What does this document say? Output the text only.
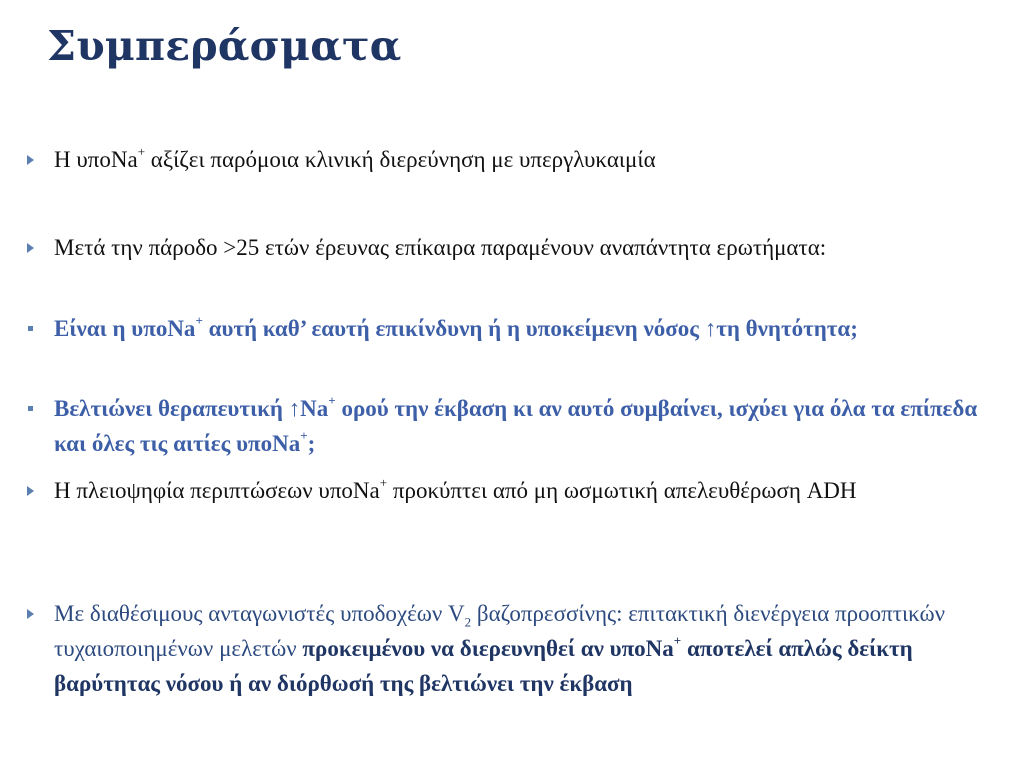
Συμπεράσματα
Η υποNa+ αξίζει παρόμοια κλινική διερεύνηση με υπεργλυκαιμία
Μετά την πάροδο >25 ετών έρευνας επίκαιρα παραμένουν αναπάντητα ερωτήματα:
Είναι η υποNa+ αυτή καθ’ εαυτή επικίνδυνη ή η υποκείμενη νόσος ↑τη θνητότητα;
Βελτιώνει θεραπευτική ↑Na+ ορού την έκβαση κι αν αυτό συμβαίνει, ισχύει για όλα τα επίπεδα και όλες τις αιτίες υποNa+;
Η πλειοψηφία περιπτώσεων υποNa+ προκύπτει από μη ωσμωτική απελευθέρωση ADH
Με διαθέσιμους ανταγωνιστές υποδοχέων $V_2$ βαζοπρεσσίνης: επιτακτική διενέργεια προοπτικών τυχαιοποιημένων μελετών προκειμένου να διερευνηθεί αν υποNa+ αποτελεί απλώς δείκτη βαρύτητας νόσου ή αν διόρθωσή της βελτιώνει την έκβαση
